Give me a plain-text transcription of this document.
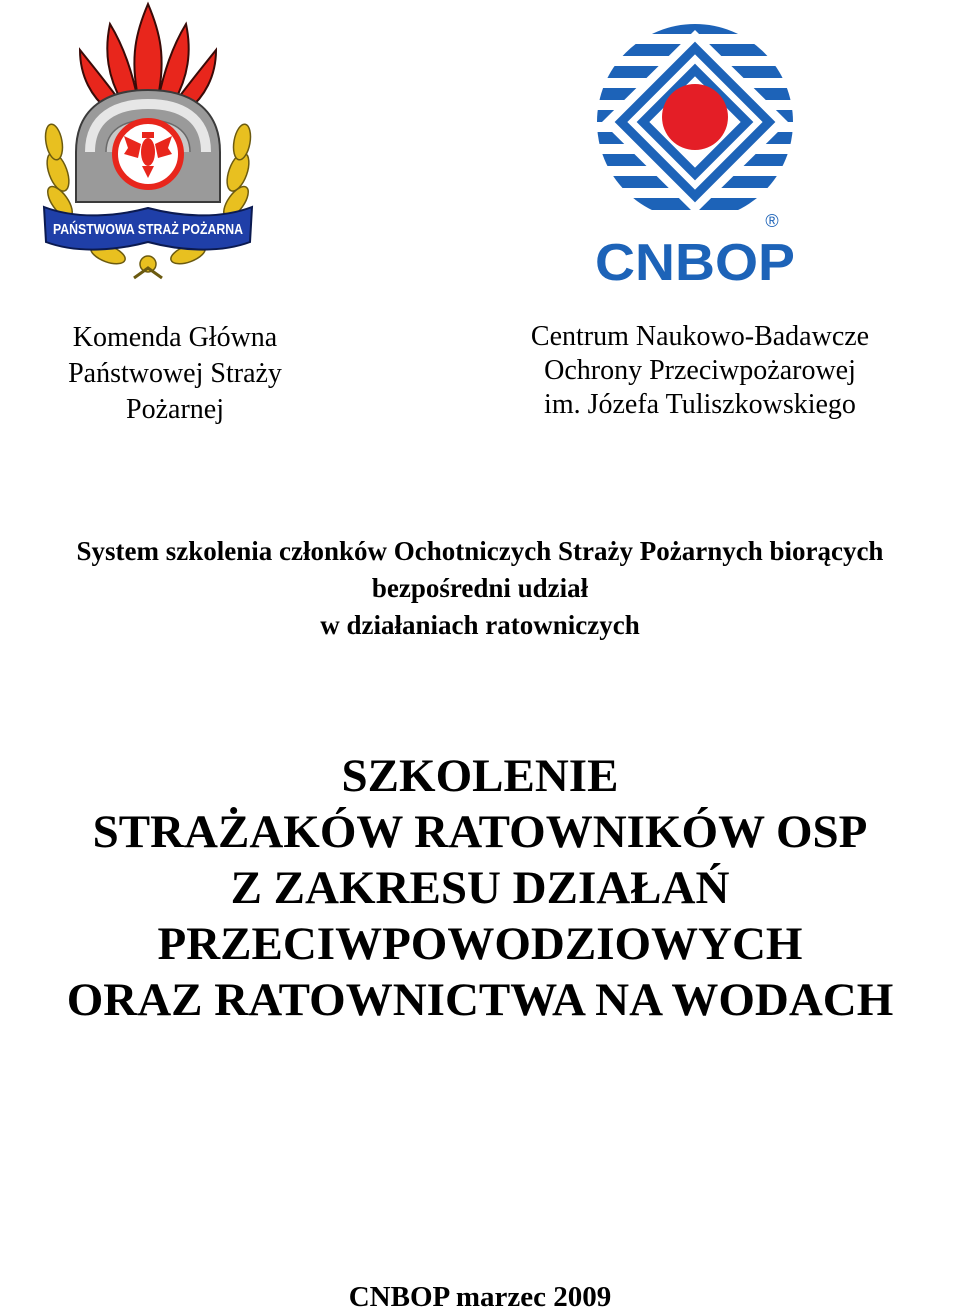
PAŃSTWOWA STRAŻ POŻARNA	®
CNBOP
Komenda Główna
Państwowej Straży
Pożarnej
Centrum Naukowo-Badawcze
Ochrony Przeciwpożarowej
im. Józefa Tuliszkowskiego
System szkolenia członków Ochotniczych Straży Pożarnych biorących
bezpośredni udział
w działaniach ratowniczych
SZKOLENIE
STRAŻAKÓW RATOWNIKÓW OSP
Z ZAKRESU DZIAŁAŃ
PRZECIWPOWODZIOWYCH
ORAZ RATOWNICTWA NA WODACH
CNBOP marzec 2009
